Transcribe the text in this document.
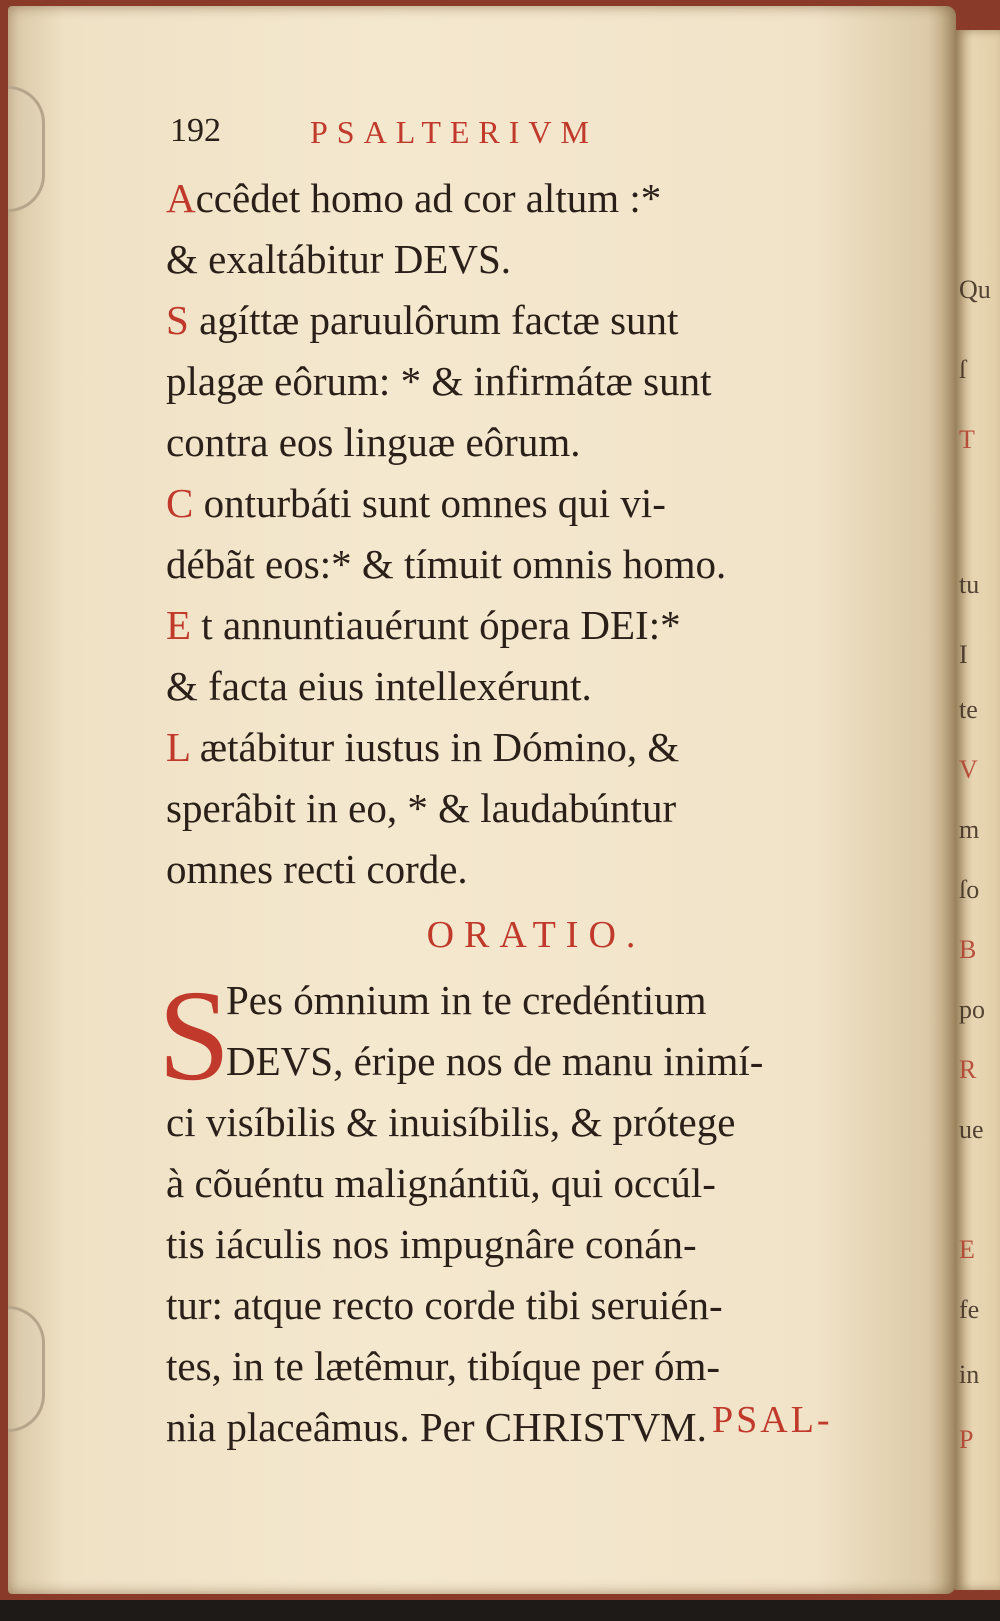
Qu
ſ
T
tu
I
te
V
m
ſo
B
po
R
ue
E
fe
in
P
192	PSALTERIVM
Accêdet homo ad cor altum :*
& exaltábitur DEVS.
S agíttæ paruulôrum factæ sunt
plagæ eôrum: * & infirmátæ sunt
contra eos linguæ eôrum.
C onturbáti sunt omnes qui vi-
débãt eos:* & tímuit omnis homo.
E t annuntiauérunt ópera DEI:*
& facta eius intellexérunt.
L ætábitur iustus in Dómino, &
sperâbit in eo, * & laudabúntur
omnes recti corde.
ORATIO.
S
Pes ómnium in te credéntium
DEVS, éripe nos de manu inimí-
ci visíbilis & inuisíbilis, & prótege
à cõuéntu malignántiũ, qui occúl-
tis iáculis nos impugnâre conán-
tur: atque recto corde tibi seruién-
tes, in te lætêmur, tibíque per óm-
nia placeâmus. Per CHRISTVM. PSAL-
